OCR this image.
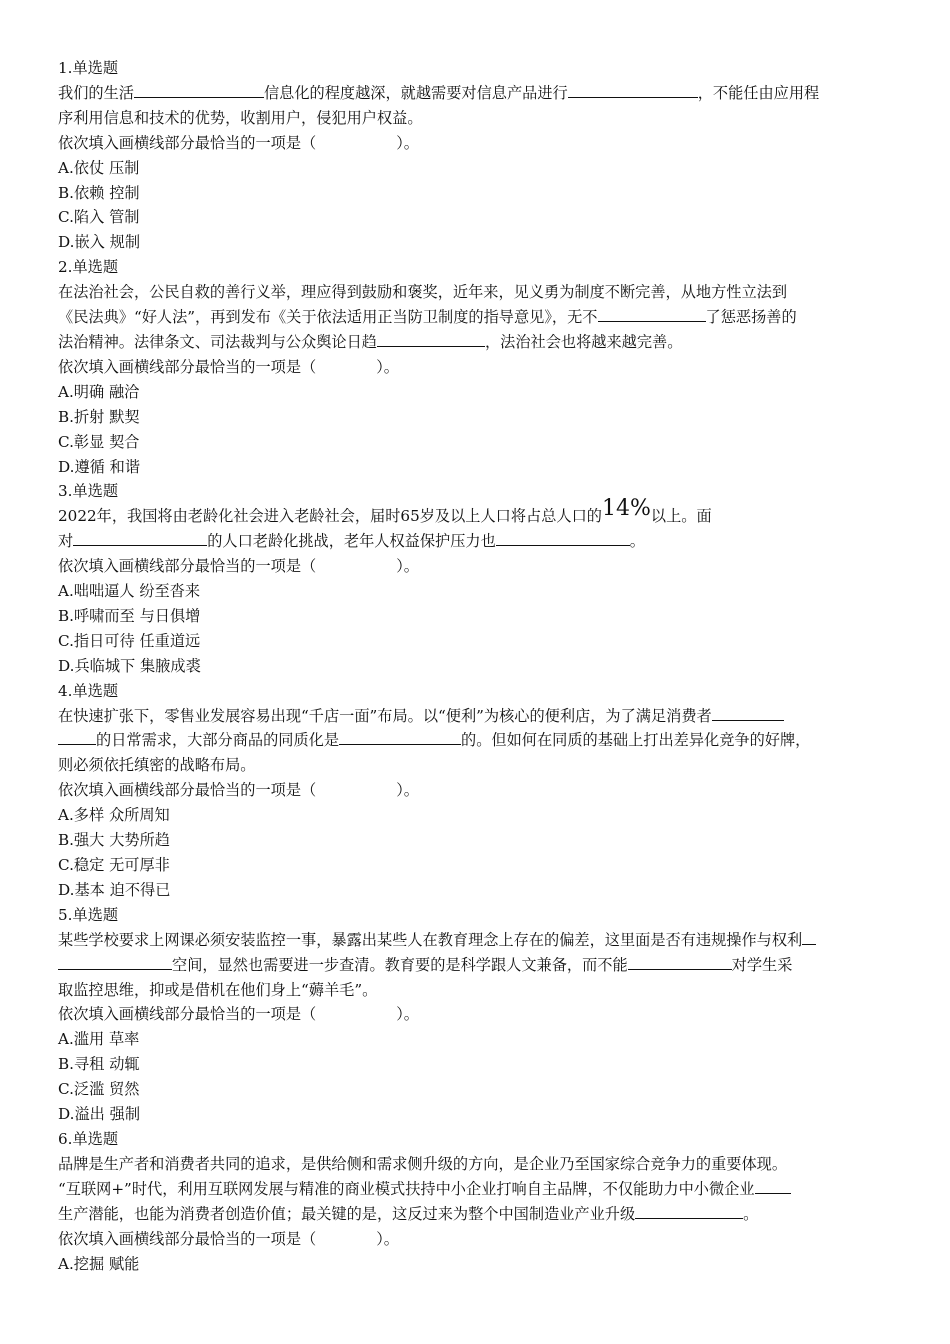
1.单选题
我们的生活	信息化的程度越深，就越需要对信息产品进行	，不能任由应用程
序利用信息和技术的优势，收割用户，侵犯用户权益。
依次填入画横线部分最恰当的一项是（	）。
A.依仗 压制
B.依赖 控制
C.陷入 管制
D.嵌入 规制
2.单选题
在法治社会，公民自救的善行义举，理应得到鼓励和褒奖，近年来，见义勇为制度不断完善，从地方性立法到
《民法典》“好人法”，再到发布《关于依法适用正当防卫制度的指导意见》，无不	了惩恶扬善的
法治精神。法律条文、司法裁判与公众舆论日趋	，法治社会也将越来越完善。
依次填入画横线部分最恰当的一项是（	）。
A.明确 融洽
B.折射 默契
C.彰显 契合
D.遵循 和谐
3.单选题
2022年，我国将由老龄化社会进入老龄社会，届时65岁及以上人口将占总人口的14%以上。面
对	的人口老龄化挑战，老年人权益保护压力也	。
依次填入画横线部分最恰当的一项是（	）。
A.咄咄逼人 纷至沓来
B.呼啸而至 与日俱增
C.指日可待 任重道远
D.兵临城下 集腋成裘
4.单选题
在快速扩张下，零售业发展容易出现“千店一面”布局。以“便利”为核心的便利店，为了满足消费者
的日常需求，大部分商品的同质化是	的。但如何在同质的基础上打出差异化竞争的好牌，
则必须依托缜密的战略布局。
依次填入画横线部分最恰当的一项是（	）。
A.多样 众所周知
B.强大 大势所趋
C.稳定 无可厚非
D.基本 迫不得已
5.单选题
某些学校要求上网课必须安装监控一事，暴露出某些人在教育理念上存在的偏差，这里面是否有违规操作与权利
空间，显然也需要进一步查清。教育要的是科学跟人文兼备，而不能	对学生采
取监控思维，抑或是借机在他们身上“薅羊毛”。
依次填入画横线部分最恰当的一项是（	）。
A.滥用 草率
B.寻租 动辄
C.泛滥 贸然
D.溢出 强制
6.单选题
品牌是生产者和消费者共同的追求，是供给侧和需求侧升级的方向，是企业乃至国家综合竞争力的重要体现。
“互联网+”时代，利用互联网发展与精准的商业模式扶持中小企业打响自主品牌，不仅能助力中小微企业
生产潜能，也能为消费者创造价值；最关键的是，这反过来为整个中国制造业产业升级	。
依次填入画横线部分最恰当的一项是（	）。
A.挖掘 赋能
